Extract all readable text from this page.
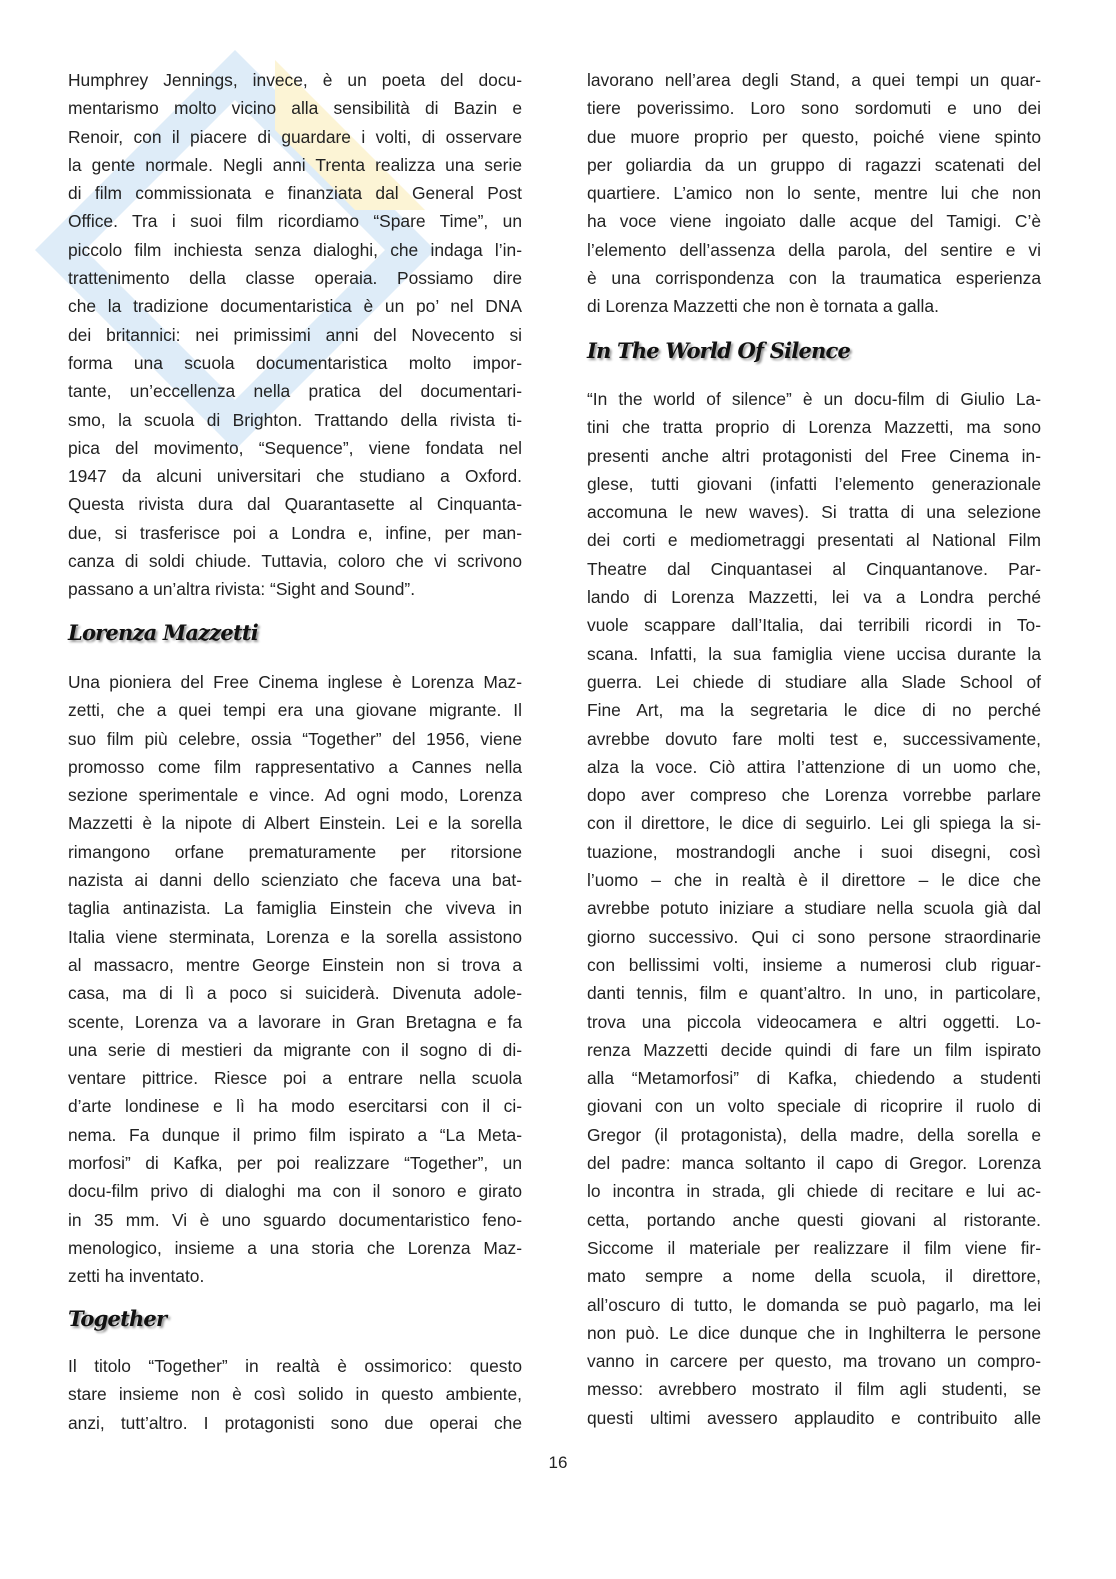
Humphrey Jennings, invece, è un poeta del docu-
mentarismo molto vicino alla sensibilità di Bazin e
Renoir, con il piacere di guardare i volti, di osservare
la gente normale. Negli anni Trenta realizza una serie
di film commissionata e finanziata dal General Post
Office. Tra i suoi film ricordiamo “Spare Time”, un
piccolo film inchiesta senza dialoghi, che indaga l’in-
trattenimento della classe operaia. Possiamo dire
che la tradizione documentaristica è un po’ nel DNA
dei britannici: nei primissimi anni del Novecento si
forma una scuola documentaristica molto impor-
tante, un’eccellenza nella pratica del documentari-
smo, la scuola di Brighton. Trattando della rivista ti-
pica del movimento, “Sequence”, viene fondata nel
1947 da alcuni universitari che studiano a Oxford.
Questa rivista dura dal Quarantasette al Cinquanta-
due, si trasferisce poi a Londra e, infine, per man-
canza di soldi chiude. Tuttavia, coloro che vi scrivono
passano a un’altra rivista: “Sight and Sound”.
Lorenza Mazzetti
Una pioniera del Free Cinema inglese è Lorenza Maz-
zetti, che a quei tempi era una giovane migrante. Il
suo film più celebre, ossia “Together” del 1956, viene
promosso come film rappresentativo a Cannes nella
sezione sperimentale e vince. Ad ogni modo, Lorenza
Mazzetti è la nipote di Albert Einstein. Lei e la sorella
rimangono orfane prematuramente per ritorsione
nazista ai danni dello scienziato che faceva una bat-
taglia antinazista. La famiglia Einstein che viveva in
Italia viene sterminata, Lorenza e la sorella assistono
al massacro, mentre George Einstein non si trova a
casa, ma di lì a poco si suiciderà. Divenuta adole-
scente, Lorenza va a lavorare in Gran Bretagna e fa
una serie di mestieri da migrante con il sogno di di-
ventare pittrice. Riesce poi a entrare nella scuola
d’arte londinese e lì ha modo esercitarsi con il ci-
nema. Fa dunque il primo film ispirato a “La Meta-
morfosi” di Kafka, per poi realizzare “Together”, un
docu-film privo di dialoghi ma con il sonoro e girato
in 35 mm. Vi è uno sguardo documentaristico feno-
menologico, insieme a una storia che Lorenza Maz-
zetti ha inventato.
Together
Il titolo “Together” in realtà è ossimorico: questo
stare insieme non è così solido in questo ambiente,
anzi, tutt’altro. I protagonisti sono due operai che
lavorano nell’area degli Stand, a quei tempi un quar-
tiere poverissimo. Loro sono sordomuti e uno dei
due muore proprio per questo, poiché viene spinto
per goliardia da un gruppo di ragazzi scatenati del
quartiere. L’amico non lo sente, mentre lui che non
ha voce viene ingoiato dalle acque del Tamigi. C’è
l’elemento dell’assenza della parola, del sentire e vi
è una corrispondenza con la traumatica esperienza
di Lorenza Mazzetti che non è tornata a galla.
In The World Of Silence
“In the world of silence” è un docu-film di Giulio La-
tini che tratta proprio di Lorenza Mazzetti, ma sono
presenti anche altri protagonisti del Free Cinema in-
glese, tutti giovani (infatti l’elemento generazionale
accomuna le new waves). Si tratta di una selezione
dei corti e mediometraggi presentati al National Film
Theatre dal Cinquantasei al Cinquantanove. Par-
lando di Lorenza Mazzetti, lei va a Londra perché
vuole scappare dall’Italia, dai terribili ricordi in To-
scana. Infatti, la sua famiglia viene uccisa durante la
guerra. Lei chiede di studiare alla Slade School of
Fine Art, ma la segretaria le dice di no perché
avrebbe dovuto fare molti test e, successivamente,
alza la voce. Ciò attira l’attenzione di un uomo che,
dopo aver compreso che Lorenza vorrebbe parlare
con il direttore, le dice di seguirlo. Lei gli spiega la si-
tuazione, mostrandogli anche i suoi disegni, così
l’uomo – che in realtà è il direttore – le dice che
avrebbe potuto iniziare a studiare nella scuola già dal
giorno successivo. Qui ci sono persone straordinarie
con bellissimi volti, insieme a numerosi club riguar-
danti tennis, film e quant’altro. In uno, in particolare,
trova una piccola videocamera e altri oggetti. Lo-
renza Mazzetti decide quindi di fare un film ispirato
alla “Metamorfosi” di Kafka, chiedendo a studenti
giovani con un volto speciale di ricoprire il ruolo di
Gregor (il protagonista), della madre, della sorella e
del padre: manca soltanto il capo di Gregor. Lorenza
lo incontra in strada, gli chiede di recitare e lui ac-
cetta, portando anche questi giovani al ristorante.
Siccome il materiale per realizzare il film viene fir-
mato sempre a nome della scuola, il direttore,
all’oscuro di tutto, le domanda se può pagarlo, ma lei
non può. Le dice dunque che in Inghilterra le persone
vanno in carcere per questo, ma trovano un compro-
messo: avrebbero mostrato il film agli studenti, se
questi ultimi avessero applaudito e contribuito alle
16
